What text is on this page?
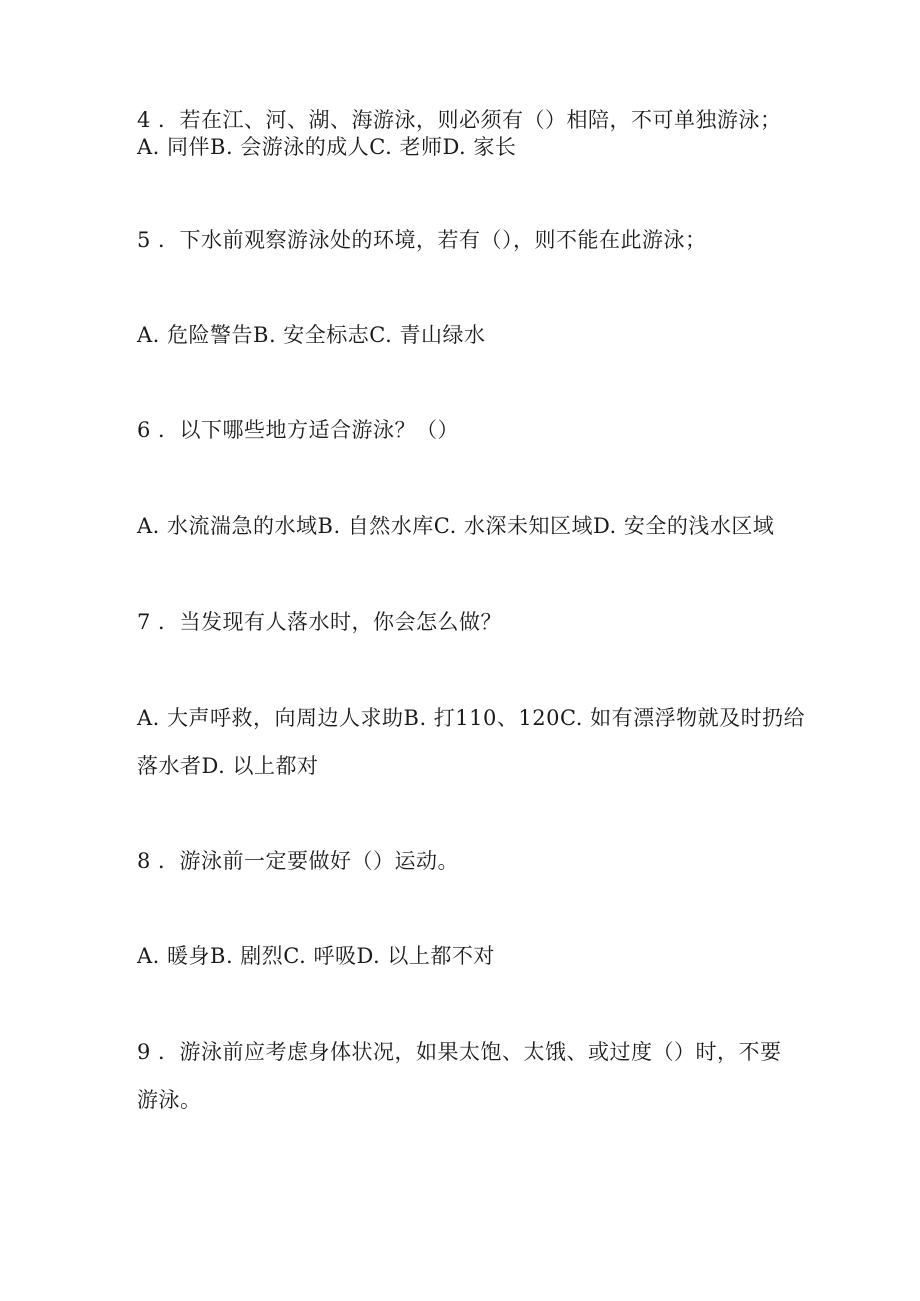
4 ．若在江、河、湖、海游泳，则必须有（）相陪，不可单独游泳；
A. 同伴B. 会游泳的成人C. 老师D. 家长
5 ．下水前观察游泳处的环境，若有（），则不能在此游泳；
A. 危险警告B. 安全标志C. 青山绿水
6 ．以下哪些地方适合游泳？（）
A. 水流湍急的水域B. 自然水库C. 水深未知区域D. 安全的浅水区域
7 ．当发现有人落水时，你会怎么做？
A. 大声呼救，向周边人求助B. 打110、120C. 如有漂浮物就及时扔给
落水者D. 以上都对
8 ．游泳前一定要做好（）运动。
A. 暖身B. 剧烈C. 呼吸D. 以上都不对
9 ．游泳前应考虑身体状况，如果太饱、太饿、或过度（）时，不要
游泳。
